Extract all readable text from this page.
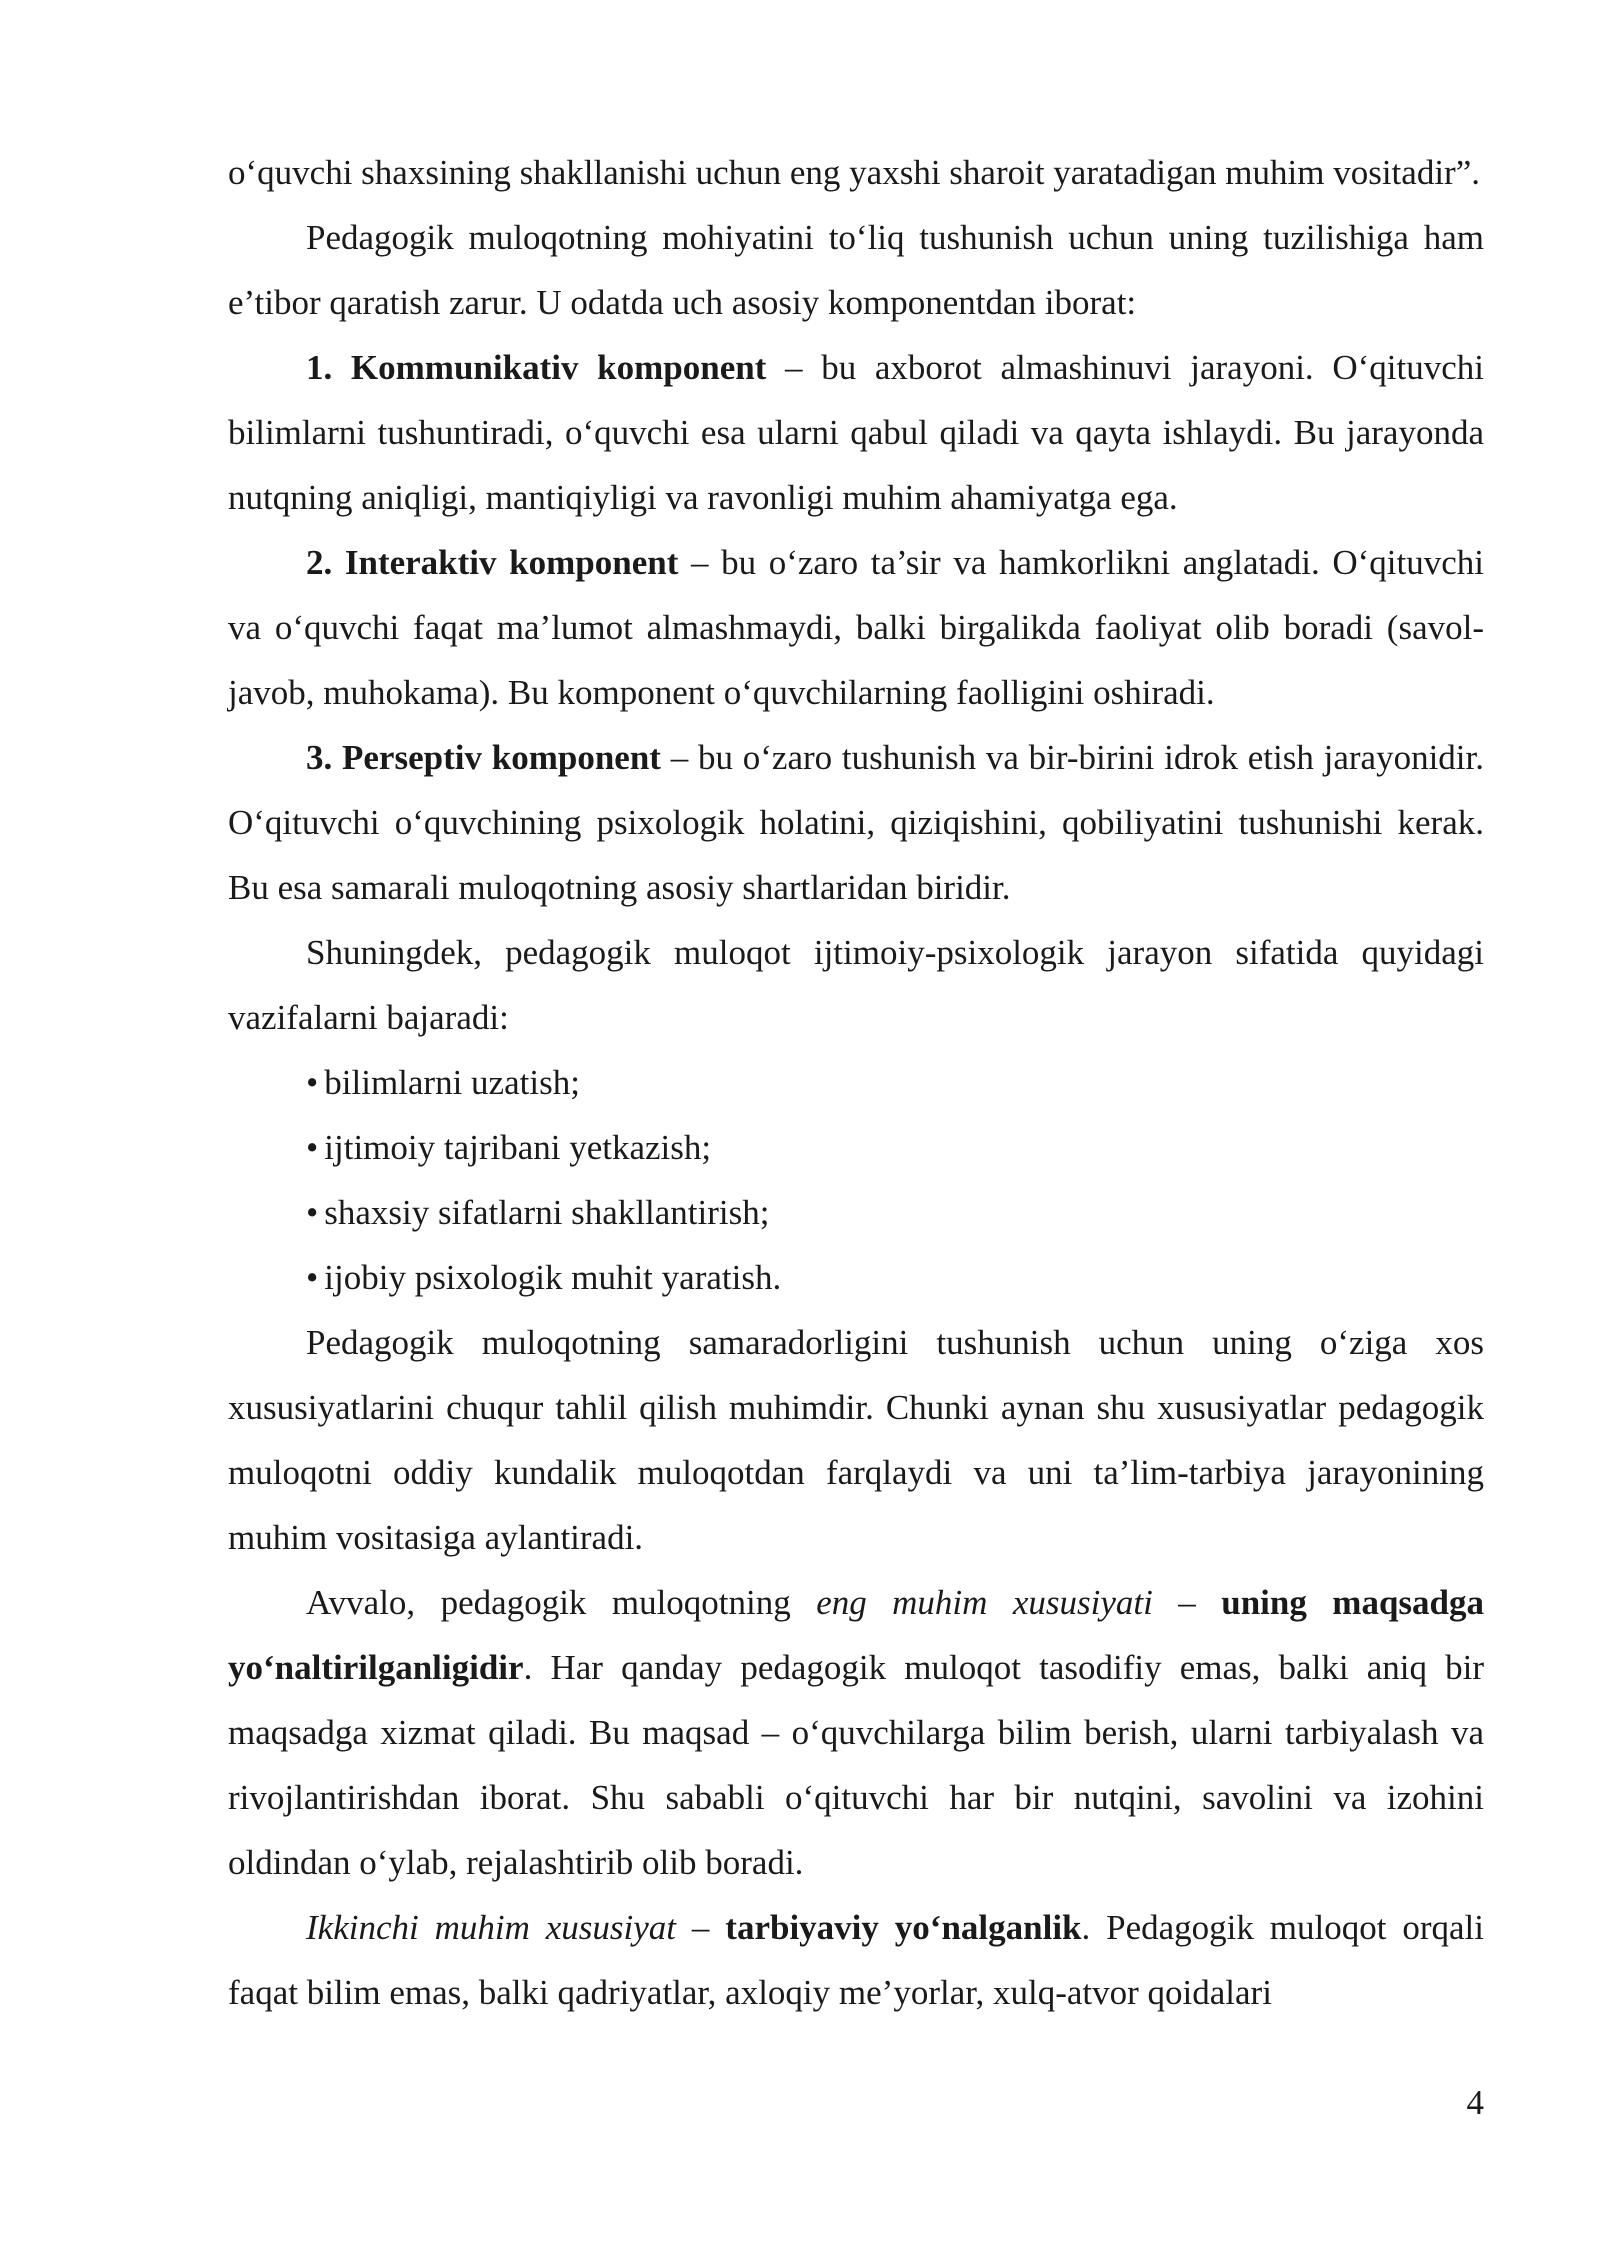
o‘quvchi shaxsining shakllanishi uchun eng yaxshi sharoit yaratadigan muhim vositadir”.

Pedagogik muloqotning mohiyatini to‘liq tushunish uchun uning tuzilishiga ham e’tibor qaratish zarur. U odatda uch asosiy komponentdan iborat:

1. Kommunikativ komponent – bu axborot almashinuvi jarayoni. O‘qituvchi bilimlarni tushuntiradi, o‘quvchi esa ularni qabul qiladi va qayta ishlaydi. Bu jarayonda nutqning aniqligi, mantiqiyligi va ravonligi muhim ahamiyatga ega.

2. Interaktiv komponent – bu o‘zaro ta’sir va hamkorlikni anglatadi. O‘qituvchi va o‘quvchi faqat ma’lumot almashmaydi, balki birgalikda faoliyat olib boradi (savol-javob, muhokama). Bu komponent o‘quvchilarning faolligini oshiradi.

3. Perseptiv komponent – bu o‘zaro tushunish va bir-birini idrok etish jarayonidir. O‘qituvchi o‘quvchining psixologik holatini, qiziqishini, qobiliyatini tushunishi kerak. Bu esa samarali muloqotning asosiy shartlaridan biridir.

Shuningdek, pedagogik muloqot ijtimoiy-psixologik jarayon sifatida quyidagi vazifalarni bajaradi:

• bilimlarni uzatish;

• ijtimoiy tajribani yetkazish;

• shaxsiy sifatlarni shakllantirish;

• ijobiy psixologik muhit yaratish.

Pedagogik muloqotning samaradorligini tushunish uchun uning o‘ziga xos xususiyatlarini chuqur tahlil qilish muhimdir. Chunki aynan shu xususiyatlar pedagogik muloqotni oddiy kundalik muloqotdan farqlaydi va uni ta’lim-tarbiya jarayonining muhim vositasiga aylantiradi.

Avvalo, pedagogik muloqotning eng muhim xususiyati – uning maqsadga yo‘naltirilganligidir. Har qanday pedagogik muloqot tasodifiy emas, balki aniq bir maqsadga xizmat qiladi. Bu maqsad – o‘quvchilarga bilim berish, ularni tarbiyalash va rivojlantirishdan iborat. Shu sababli o‘qituvchi har bir nutqini, savolini va izohini oldindan o‘ylab, rejalashtirib olib boradi.

Ikkinchi muhim xususiyat – tarbiyaviy yo‘nalganlik. Pedagogik muloqot orqali faqat bilim emas, balki qadriyatlar, axloqiy me’yorlar, xulq-atvor qoidalari

4
